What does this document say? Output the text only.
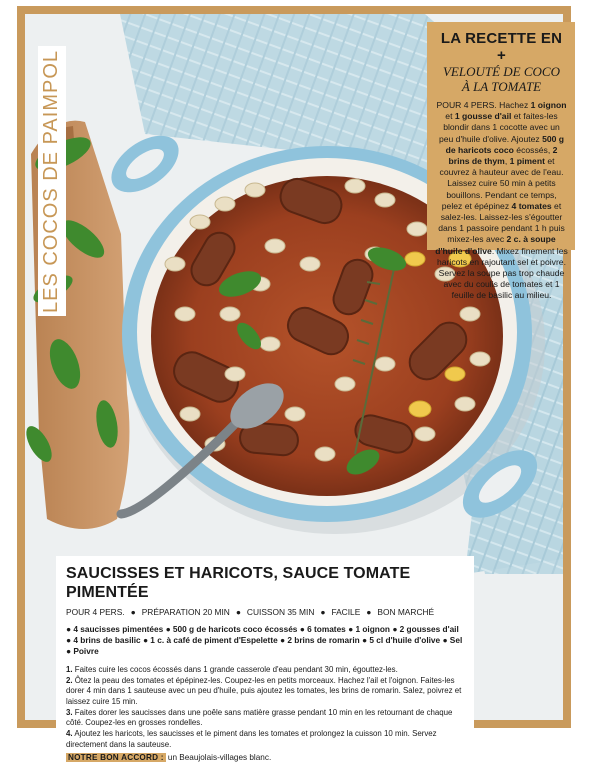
LES COCOS DE PAIMPOL
LA RECETTE EN +
VELOUTÉ DE COCO
À LA TOMATE
POUR 4 PERS. Hachez 1 oignon et 1 gousse d'ail et faites-les blondir dans 1 cocotte avec un peu d'huile d'olive. Ajoutez 500 g de haricots coco écossés, 2 brins de thym, 1 piment et couvrez à hauteur avec de l'eau. Laissez cuire 50 min à petits bouillons. Pendant ce temps, pelez et épépinez 4 tomates et salez-les. Laissez-les s'égoutter dans 1 passoire pendant 1 h puis mixez-les avec 2 c. à soupe d'huile d'olive. Mixez finement les haricots en rajoutant sel et poivre. Servez la soupe pas trop chaude avec du coulis de tomates et 1 feuille de basilic au milieu.
SAUCISSES ET HARICOTS, SAUCE TOMATE PIMENTÉE
POUR 4 PERS. ● PRÉPARATION 20 MIN ● CUISSON 35 MIN ● FACILE ● BON MARCHÉ
● 4 saucisses pimentées ● 500 g de haricots coco écossés ● 6 tomates ● 1 oignon ● 2 gousses d'ail ● 4 brins de basilic ● 1 c. à café de piment d'Espelette ● 2 brins de romarin ● 5 cl d'huile d'olive ● Sel ● Poivre
1. Faites cuire les cocos écossés dans 1 grande casserole d'eau pendant 30 min, égouttez-les.
2. Ôtez la peau des tomates et épépinez-les. Coupez-les en petits morceaux. Hachez l'ail et l'oignon. Faites-les dorer 4 min dans 1 sauteuse avec un peu d'huile, puis ajoutez les tomates, les brins de romarin. Salez, poivrez et laissez cuire 15 min.
3. Faites dorer les saucisses dans une poêle sans matière grasse pendant 10 min en les retournant de chaque côté. Coupez-les en grosses rondelles.
4. Ajoutez les haricots, les saucisses et le piment dans les tomates et prolongez la cuisson 10 min. Servez directement dans la sauteuse.
NOTRE BON ACCORD : un Beaujolais-villages blanc.
